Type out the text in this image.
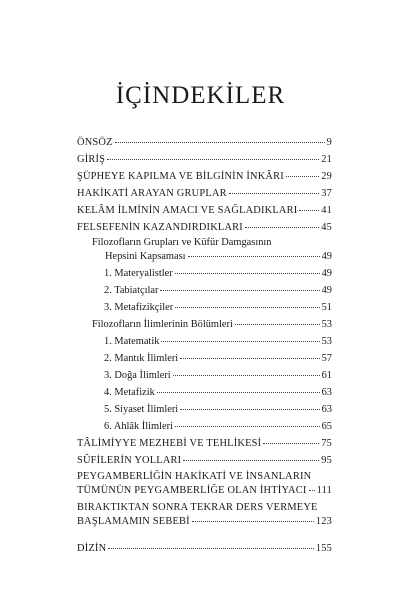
İÇİNDEKİLER
ÖNSÖZ	9
GİRİŞ	21
ŞÜPHEYE KAPILMA VE BİLGİNİN İNKÂRI	29
HAKİKATİ ARAYAN GRUPLAR	37
KELÂM İLMİNİN AMACI VE SAĞLADIKLARI 41
FELSEFENİN KAZANDIRDIKLARI	45
Filozofların Grupları ve Küfür Damgasının
Hepsini Kapsaması	49
1. Materyalistler	49
2. Tabiatçılar	49
3. Metafizikçiler	51
Filozofların İlimlerinin Bölümleri	53
1. Matematik	53
2. Mantık İlimleri	57
3. Doğa İlimleri	61
4. Metafizik	63
5. Siyaset İlimleri	63
6. Ahlâk İlimleri	65
TÂLİMİYYE MEZHEBİ VE TEHLİKESİ	75
SÛFİLERİN YOLLARI	95
PEYGAMBERLİĞİN HAKİKATİ VE İNSANLARIN
TÜMÜNÜN PEYGAMBERLİĞE OLAN İHTİYACI 111
BIRAKTIKTAN SONRA TEKRAR DERS VERMEYE
BAŞLAMAMIN SEBEBİ	123
DİZİN	155
